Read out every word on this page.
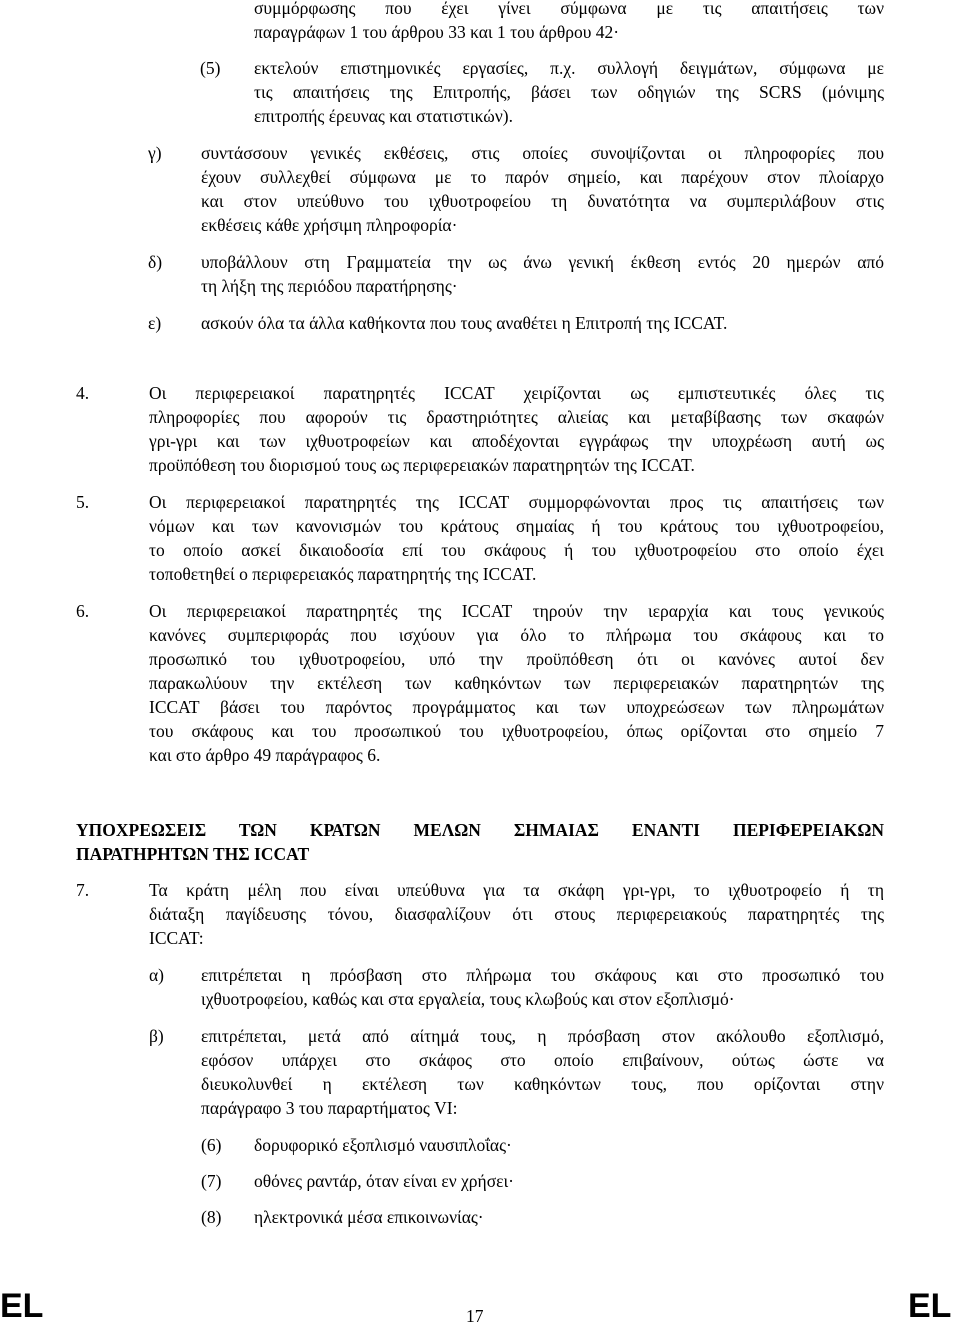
συμμόρφωσης που έχει γίνει σύμφωνα με τις απαιτήσεις των
παραγράφων 1 του άρθρου 33 και 1 του άρθρου 42·
(5) εκτελούν επιστημονικές εργασίες, π.χ. συλλογή δειγμάτων, σύμφωνα με
τις απαιτήσεις της Επιτροπής, βάσει των οδηγιών της SCRS (μόνιμης
επιτροπής έρευνας και στατιστικών).
γ) συντάσσουν γενικές εκθέσεις, στις οποίες συνοψίζονται οι πληροφορίες που
έχουν συλλεχθεί σύμφωνα με το παρόν σημείο, και παρέχουν στον πλοίαρχο
και στον υπεύθυνο του ιχθυοτροφείου τη δυνατότητα να συμπεριλάβουν στις
εκθέσεις κάθε χρήσιμη πληροφορία·
δ) υποβάλλουν στη Γραμματεία την ως άνω γενική έκθεση εντός 20 ημερών από
τη λήξη της περιόδου παρατήρησης·
ε) ασκούν όλα τα άλλα καθήκοντα που τους αναθέτει η Επιτροπή της ICCAT.
4.	Οι περιφερειακοί παρατηρητές ICCAT χειρίζονται ως εμπιστευτικές όλες τις
πληροφορίες που αφορούν τις δραστηριότητες αλιείας και μεταβίβασης των σκαφών
γρι-γρι και των ιχθυοτροφείων και αποδέχονται εγγράφως την υποχρέωση αυτή ως
προϋπόθεση του διορισμού τους ως περιφερειακών παρατηρητών της ICCAT.
5.	Οι περιφερειακοί παρατηρητές της ICCAT συμμορφώνονται προς τις απαιτήσεις των
νόμων και των κανονισμών του κράτους σημαίας ή του κράτους του ιχθυοτροφείου,
το οποίο ασκεί δικαιοδοσία επί του σκάφους ή του ιχθυοτροφείου στο οποίο έχει
τοποθετηθεί ο περιφερειακός παρατηρητής της ICCAT.
6.	Οι περιφερειακοί παρατηρητές της ICCAT τηρούν την ιεραρχία και τους γενικούς
κανόνες συμπεριφοράς που ισχύουν για όλο το πλήρωμα του σκάφους και το
προσωπικό του ιχθυοτροφείου, υπό την προϋπόθεση ότι οι κανόνες αυτοί δεν
παρακωλύουν την εκτέλεση των καθηκόντων των περιφερειακών παρατηρητών της
ICCAT βάσει του παρόντος προγράμματος και των υποχρεώσεων των πληρωμάτων
του σκάφους και του προσωπικού του ιχθυοτροφείου, όπως ορίζονται στο σημείο 7
και στο άρθρο 49 παράγραφος 6.
ΥΠΟΧΡΕΩΣΕΙΣ ΤΩΝ ΚΡΑΤΩΝ ΜΕΛΩΝ ΣΗΜΑΙΑΣ ΕΝΑΝΤΙ ΠΕΡΙΦΕΡΕΙΑΚΩΝ
ΠΑΡΑΤΗΡΗΤΩΝ ΤΗΣ ICCAT
7.	Τα κράτη μέλη που είναι υπεύθυνα για τα σκάφη γρι-γρι, το ιχθυοτροφείο ή τη
διάταξη παγίδευσης τόνου, διασφαλίζουν ότι στους περιφερειακούς παρατηρητές της
ICCAT:
α) επιτρέπεται η πρόσβαση στο πλήρωμα του σκάφους και στο προσωπικό του
ιχθυοτροφείου, καθώς και στα εργαλεία, τους κλωβούς και στον εξοπλισμό·
β) επιτρέπεται, μετά από αίτημά τους, η πρόσβαση στον ακόλουθο εξοπλισμό,
εφόσον υπάρχει στο σκάφος στο οποίο επιβαίνουν, ούτως ώστε να
διευκολυνθεί η εκτέλεση των καθηκόντων τους, που ορίζονται στην
παράγραφο 3 του παραρτήματος VI:
(6) δορυφορικό εξοπλισμό ναυσιπλοΐας·
(7) οθόνες ραντάρ, όταν είναι εν χρήσει·
(8) ηλεκτρονικά μέσα επικοινωνίας·
EL	17	EL
